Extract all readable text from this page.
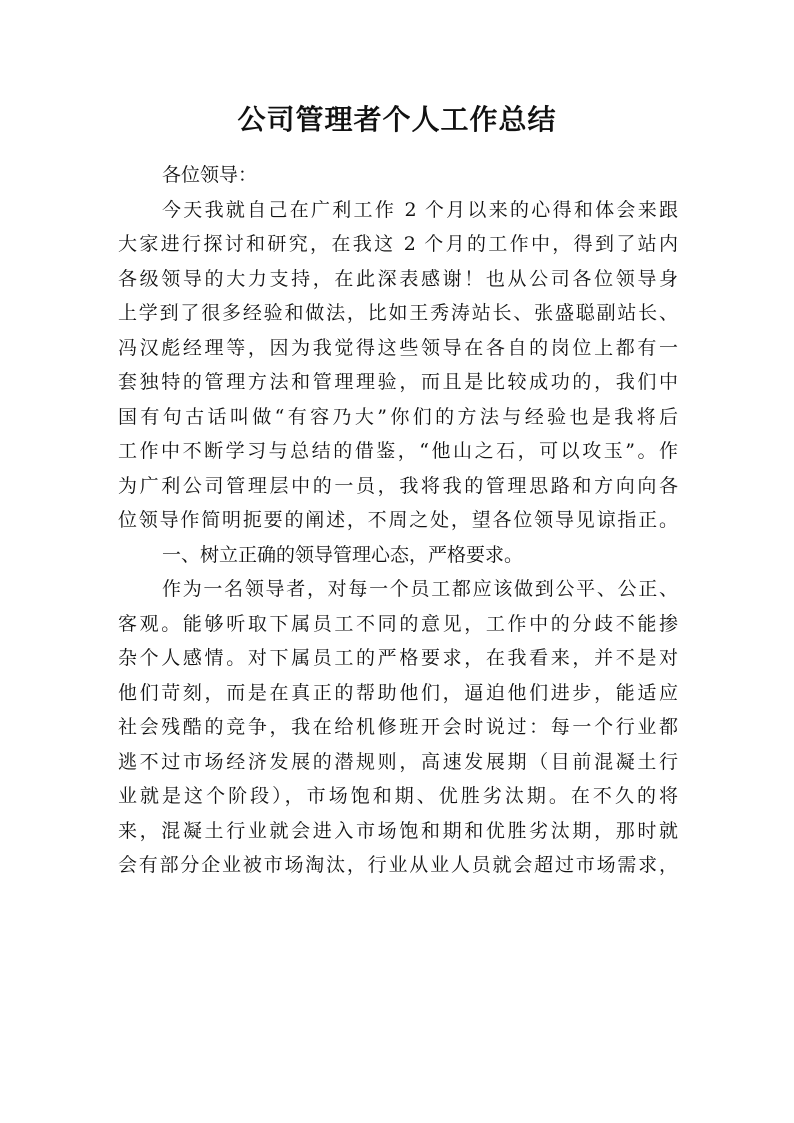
公司管理者个人工作总结
各位领导：
今天我就自己在广利工作 2 个月以来的心得和体会来跟
大家进行探讨和研究，在我这 2 个月的工作中，得到了站内
各级领导的大力支持，在此深表感谢！也从公司各位领导身
上学到了很多经验和做法，比如王秀涛站长、张盛聪副站长、
冯汉彪经理等，因为我觉得这些领导在各自的岗位上都有一
套独特的管理方法和管理理验，而且是比较成功的，我们中
国有句古话叫做“有容乃大”你们的方法与经验也是我将后
工作中不断学习与总结的借鉴，“他山之石，可以攻玉”。作
为广利公司管理层中的一员，我将我的管理思路和方向向各
位领导作简明扼要的阐述，不周之处，望各位领导见谅指正。
一、树立正确的领导管理心态，严格要求。
作为一名领导者，对每一个员工都应该做到公平、公正、
客观。能够听取下属员工不同的意见，工作中的分歧不能掺
杂个人感情。对下属员工的严格要求，在我看来，并不是对
他们苛刻，而是在真正的帮助他们，逼迫他们进步，能适应
社会残酷的竞争，我在给机修班开会时说过：每一个行业都
逃不过市场经济发展的潜规则，高速发展期（目前混凝土行
业就是这个阶段），市场饱和期、优胜劣汰期。在不久的将
来，混凝土行业就会进入市场饱和期和优胜劣汰期，那时就
会有部分企业被市场淘汰，行业从业人员就会超过市场需求，
